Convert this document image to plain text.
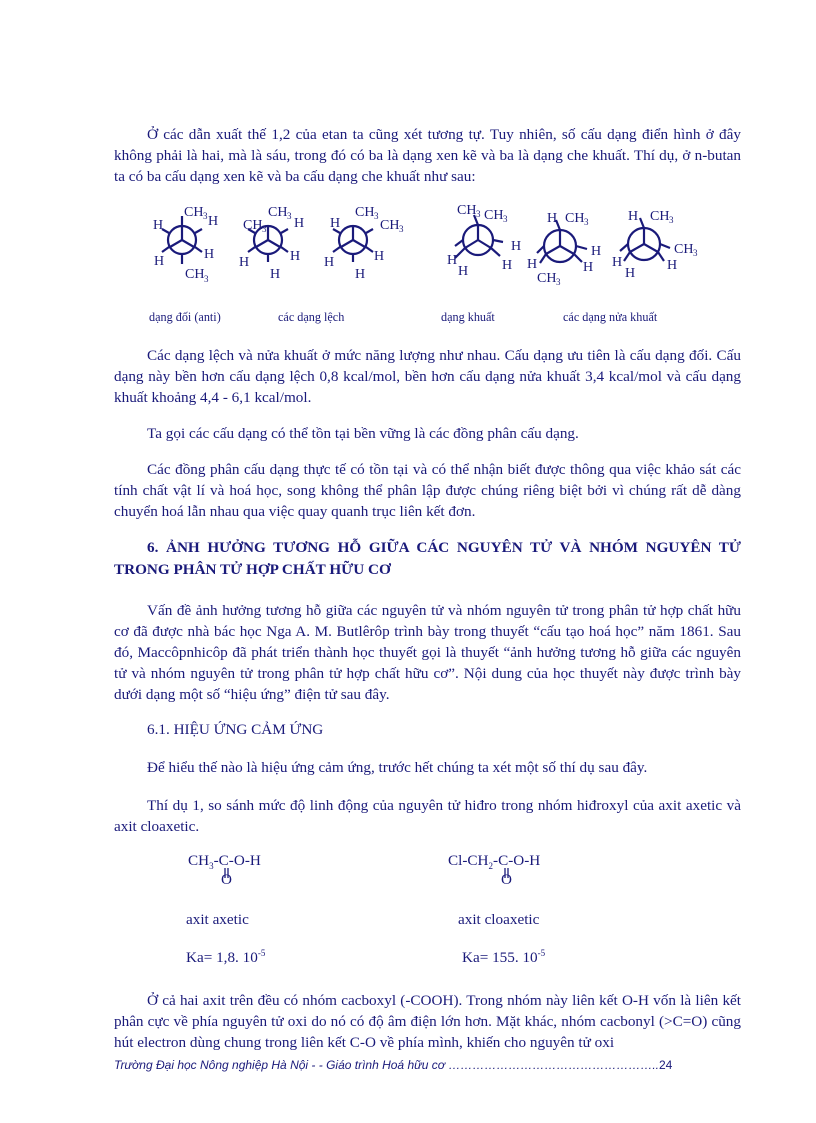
Ở các dẫn xuất thế 1,2 của etan ta cũng xét tương tự. Tuy nhiên, số cấu dạng điển hình ở đây không phải là hai, mà là sáu, trong đó có ba là dạng xen kẽ và ba là dạng che khuất. Thí dụ, ở n-butan ta có ba cấu dạng xen kẽ và ba cấu dạng che khuất như sau:

CH 3
H	H
H	H
CH 3
CH 3
CH 3 H
H	H
H
CH 3
H	CH 3
H	H
H
CH 3 CH 3
H
H
H H
H CH 3
H
H	H
CH 3
H CH 3
CH 3
H
H
H
dạng đối (anti)	các dạng lệch	dạng khuất	các dạng nửa khuất

Các dạng lệch và nửa khuất ở mức năng lượng như nhau. Cấu dạng ưu tiên là cấu dạng đối. Cấu dạng này bền hơn cấu dạng lệch 0,8 kcal/mol, bền hơn cấu dạng nửa khuất 3,4 kcal/mol và cấu dạng khuất khoảng 4,4 - 6,1 kcal/mol.

Ta gọi các cấu dạng có thể tồn tại bền vững là các đồng phân cấu dạng.

Các đồng phân cấu dạng thực tế có tồn tại và có thể nhận biết được thông qua việc khảo sát các tính chất vật lí và hoá học, song không thể phân lập được chúng riêng biệt bởi vì chúng rất dễ dàng chuyển hoá lẫn nhau qua việc quay quanh trục liên kết đơn.

6. ẢNH HƯỞNG TƯƠNG HỖ GIỮA CÁC NGUYÊN TỬ VÀ NHÓM NGUYÊN TỬ TRONG PHÂN TỬ HỢP CHẤT HỮU CƠ

Vấn đề ảnh hưởng tương hỗ giữa các nguyên tử và nhóm nguyên tử trong phân tử hợp chất hữu cơ đã được nhà bác học Nga A. M. Butlêrôp trình bày trong thuyết “cấu tạo hoá học” năm 1861. Sau đó, Maccôpnhicôp đã phát triển thành học thuyết gọi là thuyết “ảnh hưởng tương hỗ giữa các nguyên tử và nhóm nguyên tử trong phân tử hợp chất hữu cơ”. Nội dung của học thuyết này được trình bày dưới dạng một số “hiệu ứng” điện tử sau đây.

6.1. HIỆU ỨNG CẢM ỨNG

Để hiểu thế nào là hiệu ứng cảm ứng, trước hết chúng ta xét một số thí dụ sau đây.

Thí dụ 1, so sánh mức độ linh động của nguyên tử hiđro trong nhóm hiđroxyl của axit axetic và axit cloaxetic.

$CH_3-C-O-H$
O
$Cl-CH_2-C-O-H$
O
axit axetic	axit cloaxetic
Ka= 1,8. $10^{-5}$	Ka= 155. $10^{-5}$

Ở cả hai axit trên đều có nhóm cacboxyl (-COOH). Trong nhóm này liên kết O-H vốn là liên kết phân cực về phía nguyên tử oxi do nó có độ âm điện lớn hơn. Mặt khác, nhóm cacbonyl (>C=O) cũng hút electron dùng chung trong liên kết C-O về phía mình, khiến cho nguyên tử oxi

Trường Đại học Nông nghiệp Hà Nội - - Giáo trình Hoá hữu cơ ……………………………………………..24
